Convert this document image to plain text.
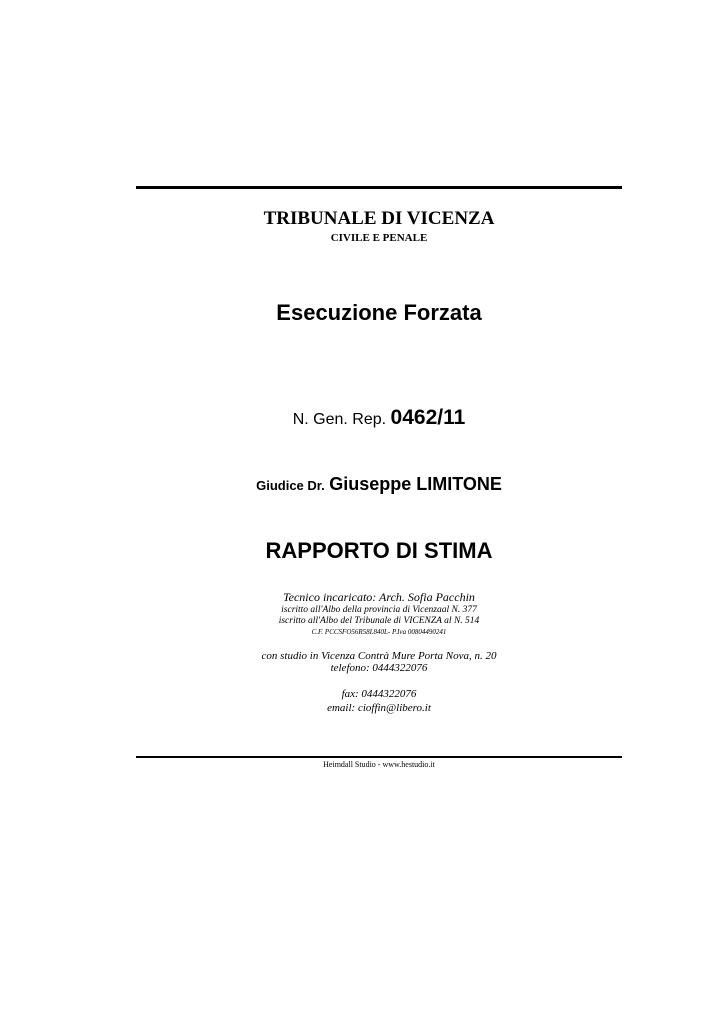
TRIBUNALE DI VICENZA
CIVILE E PENALE
Esecuzione Forzata
N. Gen. Rep. 0462/11
Giudice Dr. Giuseppe LIMITONE
RAPPORTO DI STIMA
Tecnico incaricato: Arch. Sofia Pacchin
iscritto all'Albo della provincia di Vicenzaal N. 377
iscritto all'Albo del Tribunale di VICENZA al N. 514
C.F. PCCSFO56R58L840L- P.Iva 00804490241
con studio in Vicenza Contrà Mure Porta Nova, n. 20
telefono: 0444322076
fax: 0444322076
email: cioffin@libero.it
Heimdall Studio - www.hestudio.it
